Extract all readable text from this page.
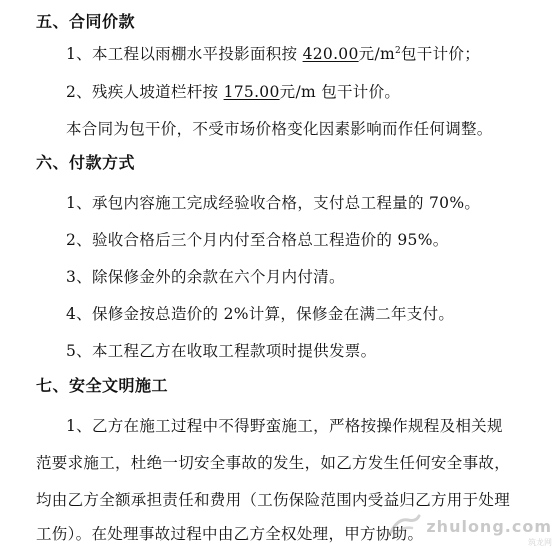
五、合同价款
1、本工程以雨棚水平投影面积按 420.00元$/m^2$包干计价；
2、残疾人坡道栏杆按 175.00元/m 包干计价。
本合同为包干价，不受市场价格变化因素影响而作任何调整。
六、付款方式
1、承包内容施工完成经验收合格，支付总工程量的 70%。
2、验收合格后三个月内付至合格总工程造价的 95%。
3、除保修金外的余款在六个月内付清。
4、保修金按总造价的 2%计算，保修金在满二年支付。
5、本工程乙方在收取工程款项时提供发票。
七、安全文明施工
1、乙方在施工过程中不得野蛮施工，严格按操作规程及相关规
范要求施工，杜绝一切安全事故的发生，如乙方发生任何安全事故，
均由乙方全额承担责任和费用（工伤保险范围内受益归乙方用于处理
工伤）。在处理事故过程中由乙方全权处理，甲方协助。 zhulong.com
筑龙网
